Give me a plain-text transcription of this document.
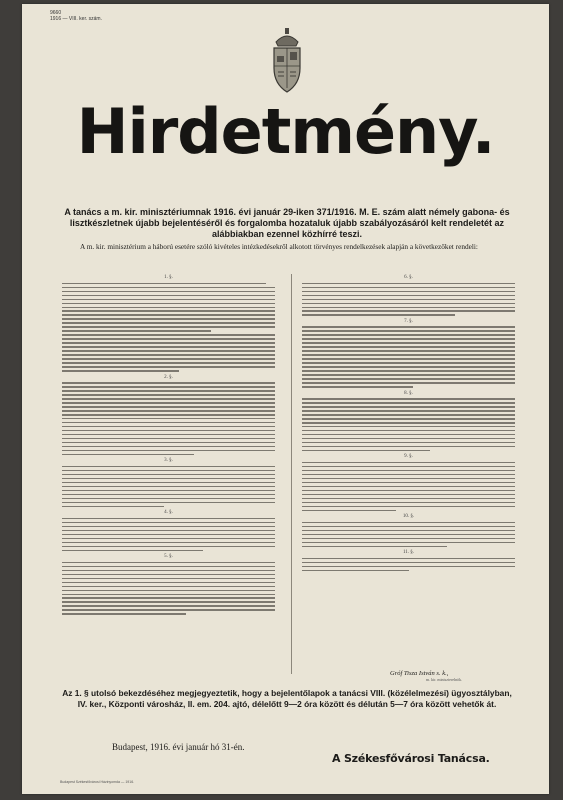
9660
1916 — VIII. ker. szám.
Hirdetmény.
A tanács a m. kir. minisztériumnak 1916. évi január 29-iken 371/1916. M. E. szám alatt némely gabona- és lisztkészletnek újabb bejelentéséről és forgalomba hozataluk újabb szabályozásáról kelt rendeletét az alábbiakban ezennel közhírré teszi.
A m. kir. minisztérium a háború esetére szóló kivételes intézkedésekről alkotott törvényes rendelkezések alapján a következőket rendeli:
1. §.
2. §.
3. §.
4. §.
5. §.
6. §.
7. §.
8. §.
9. §.
10. §.
11. §.
Gróf Tisza István s. k.,
m. kir. miniszterelnök.
Az 1. § utolsó bekezdéséhez megjegyeztetik, hogy a bejelentőlapok a tanácsi VIII. (közélelmezési) ügyosztályban, IV. ker., Központi városház, II. em. 204. ajtó, délelőtt 9—2 óra között és délután 5—7 óra között vehetők át.
Budapest, 1916. évi január hó 31-én.
A Székesfővárosi Tanácsa.
Budapest Székesfővárosi Házinyomda — 1916.
